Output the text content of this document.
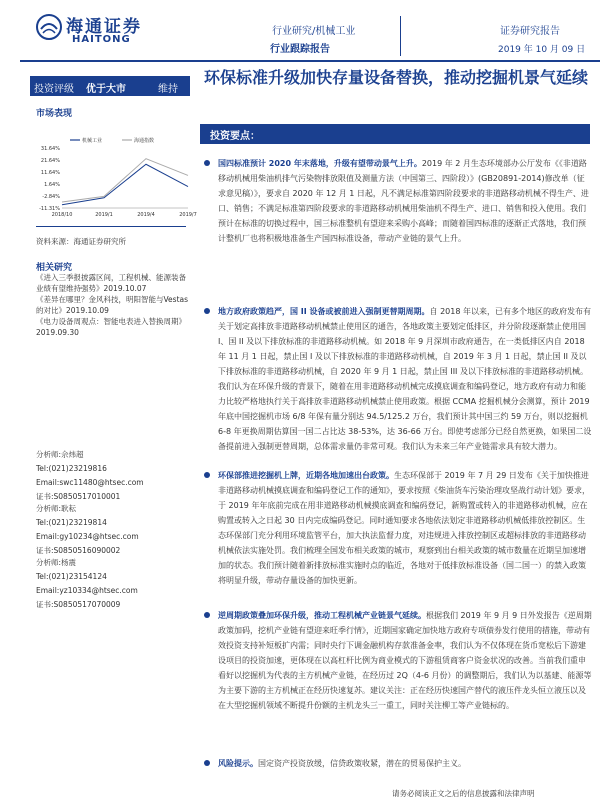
海通证券
HAITONG
行业研究/机械工业
行业跟踪报告
证券研究报告
2019 年 10 月 09 日
投资评级 优于大市	维持
环保标准升级加快存量设备替换，推动挖掘机景气延续
市场表现
机械工业	海通指数
31.64%
21.64%
11.64%
1.64%
-2.84%
-11.31%
2018/10	2019/1	2019/4	2019/7
资料来源：海通证券研究所
相关研究
《进入三季报披露区间，工程机械、能源装备业绩有望维持强势》2019.10.07
《差异在哪里？金风科技，明阳智能与Vestas 的对比》2019.10.09
《电力设备周观点：智能电表进入替换周期》2019.09.30
分析师:佘炜超
Tel:(021)23219816
Email:swc11480@htsec.com
证书:S0850517010001
分析师:耿耘
Tel:(021)23219814
Email:gy10234@htsec.com
证书:S0850516090002
分析师:杨震
Tel:(021)23154124
Email:yz10334@htsec.com
证书:S0850517070009
投资要点：
国四标准预计 2020 年末落地，升级有望带动景气上升。2019 年 2 月生态环境部办公厅发布《《非道路移动机械用柴油机排气污染物排放限值及测量方法（中国第三、四阶段）》(GB20891-2014)修改单（征求意见稿）》，要求自 2020 年 12 月 1 日起，凡不满足标准第四阶段要求的非道路移动机械不得生产、进口、销售；不满足标准第四阶段要求的非道路移动机械用柴油机不得生产、进口、销售和投入使用。我们预计在标准的切换过程中，国三标准整机有望迎来采购小高峰；而随着国四标准的逐渐正式落地，我们预计整机厂也将积极地准备生产国四标准设备，带动产业链的景气上升。
地方政府政策趋严，国 II 设备或被前进入强制更替期周期。自 2018 年以来，已有多个地区的政府发布有关于划定高排放非道路移动机械禁止使用区的通告，各地政策主要划定低排区，并分阶段逐渐禁止使用国 I、国 II 及以下排放标准的非道路移动机械。如 2018 年 9 月深圳市政府通告，在一类低排区内自 2018 年 11 月 1 日起，禁止国 I 及以下排放标准的非道路移动机械，自 2019 年 3 月 1 日起，禁止国 II 及以下排放标准的非道路移动机械，自 2020 年 9 月 1 日起，禁止国 III 及以下排放标准的非道路移动机械。我们认为在环保升级的背景下，随着在用非道路移动机械完成摸底调查和编码登记，地方政府有动力和能力比较严格地执行关于高排放非道路移动机械禁止使用政策。根据 CCMA 挖掘机械分会测算，预计 2019 年底中国挖掘机市场 6/8 年保有量分别达 94.5/125.2 万台，我们预计其中国三约 59 万台，则以挖掘机 6-8 年更换周期估算国一国二占比达 38-53%，达 36-66 万台。即使考虑部分已经自然更换，如果国二设备提前进入强制更替周期，总体需求量仍非常可观。我们认为未来三年产业链需求具有较大潜力。
环保部推进挖掘机上牌，近期各地加速出台政策。生态环保部于 2019 年 7 月 29 日发布《关于加快推进非道路移动机械摸底调查和编码登记工作的通知》，要求按照《柴油货车污染治理攻坚战行动计划》要求，于 2019 年年底前完成在用非道路移动机械摸底调查和编码登记，新购置或转入的非道路移动机械，应在购置或转入之日起 30 日内完成编码登记。同时通知要求各地依法划定非道路移动机械低排放控制区。生态环保部门充分利用环境监管平台，加大执法监督力度，对违规进入排放控制区或超标排放的非道路移动机械依法实施处罚。我们梳理全国发布相关政策的城市，观察到出台相关政策的城市数量在近期呈加速增加的状态。我们预计随着新排放标准实施时点的临近，各地对于低排放标准设备（国二国一）的禁入政策将明显升级，带动存量设备的加快更新。
逆周期政策叠加环保升级，推动工程机械产业链景气延续。根据我们 2019 年 9 月 9 日外发报告《逆周期政策加码，挖机产业链有望迎来旺季行情》，近期国家确定加快地方政府专项债券发行使用的措施，带动有效投资支持补短板扩内需；同时央行下调金融机构存款准备金率，我们认为不仅体现在货币宽松后下游建设项目的投资加速，更体现在以高杠杆比例为商业模式的下游租赁商客户资金状况的改善。当前我们重申看好以挖掘机为代表的主方机械产业链，在经历过 2Q（4-6 月份）的调整期后，我们认为以基建、能源等为主要下游的主方机械正在经历快速复苏。建议关注：正在经历快速国产替代的液压件龙头恒立液压以及在大型挖掘机领域不断提升份额的主机龙头三一重工，同时关注柳工等产业链标的。
风险提示。国定资产投资放缓，信贷政策收紧，潜在的贸易保护主义。
请务必阅读正文之后的信息披露和法律声明
